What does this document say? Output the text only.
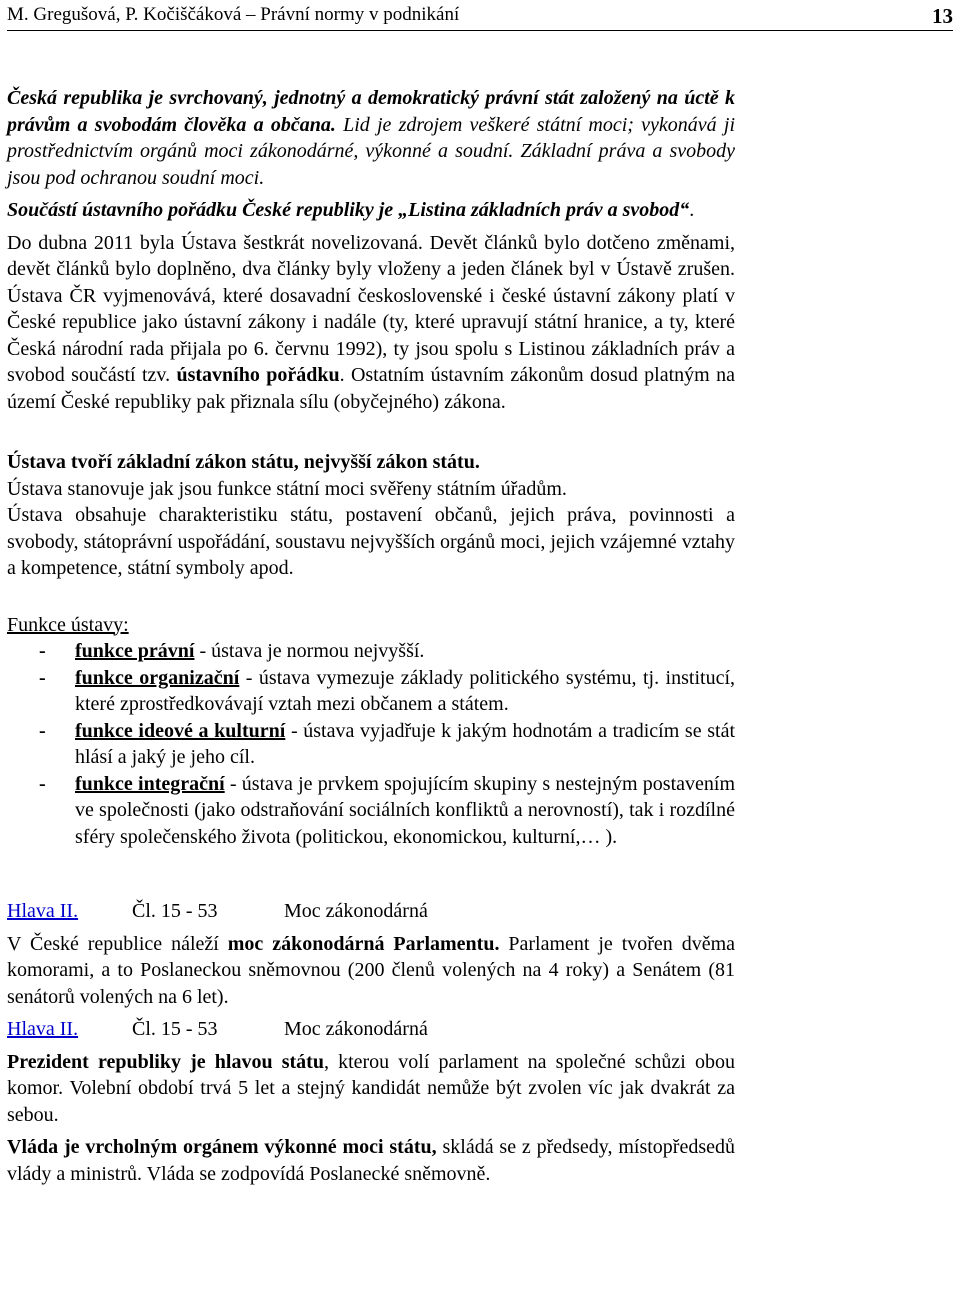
M. Gregušová, P. Kočiščáková – Právní normy v podnikání	13

Česká republika je svrchovaný, jednotný a demokratický právní stát založený na úctě k právům a svobodám člověka a občana. Lid je zdrojem veškeré státní moci; vykonává ji prostřednictvím orgánů moci zákonodárné, výkonné a soudní. Základní práva a svobody jsou pod ochranou soudní moci.

Součástí ústavního pořádku České republiky je „Listina základních práv a svobod“.

Do dubna 2011 byla Ústava šestkrát novelizovaná. Devět článků bylo dotčeno změnami, devět článků bylo doplněno, dva články byly vloženy a jeden článek byl v Ústavě zrušen. Ústava ČR vyjmenovává, které dosavadní československé i české ústavní zákony platí v České republice jako ústavní zákony i nadále (ty, které upravují státní hranice, a ty, které Česká národní rada přijala po 6. červnu 1992), ty jsou spolu s Listinou základních práv a svobod součástí tzv. ústavního pořádku. Ostatním ústavním zákonům dosud platným na území České republiky pak přiznala sílu (obyčejného) zákona.

Ústava tvoří základní zákon státu, nejvyšší zákon státu.

Ústava stanovuje jak jsou funkce státní moci svěřeny státním úřadům.

Ústava obsahuje charakteristiku státu, postavení občanů, jejich práva, povinnosti a svobody, státoprávní uspořádání, soustavu nejvyšších orgánů moci, jejich vzájemné vztahy a kompetence, státní symboly apod.

Funkce ústavy:

- funkce právní - ústava je normou nejvyšší.
- funkce organizační - ústava vymezuje základy politického systému, tj. institucí, které zprostředkovávají vztah mezi občanem a státem.
- funkce ideové a kulturní - ústava vyjadřuje k jakým hodnotám a tradicím se stát hlásí a jaký je jeho cíl.
- funkce integrační - ústava je prvkem spojujícím skupiny s nestejným postavením ve společnosti (jako odstraňování sociálních konfliktů a nerovností), tak i rozdílné sféry společenského života (politickou, ekonomickou, kulturní,… ).
Hlava II.	Čl. 15 - 53	Moc zákonodárná

V České republice náleží moc zákonodárná Parlamentu. Parlament je tvořen dvěma komorami, a to Poslaneckou sněmovnou (200 členů volených na 4 roky) a Senátem (81 senátorů volených na 6 let).

Hlava II.	Čl. 15 - 53	Moc zákonodárná

Prezident republiky je hlavou státu, kterou volí parlament na společné schůzi obou komor. Volební období trvá 5 let a stejný kandidát nemůže být zvolen víc jak dvakrát za sebou.

Vláda je vrcholným orgánem výkonné moci státu, skládá se z předsedy, místopředsedů vlády a ministrů. Vláda se zodpovídá Poslanecké sněmovně.
